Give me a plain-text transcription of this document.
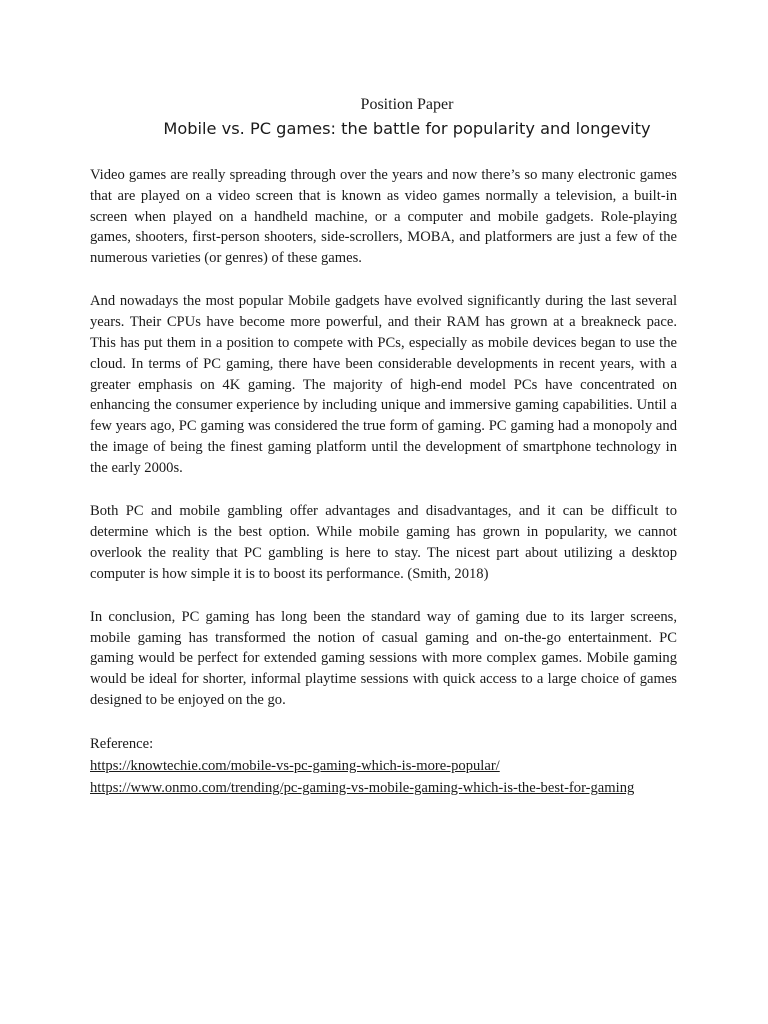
Position Paper
Mobile vs. PC games: the battle for popularity and longevity

Video games are really spreading through over the years and now there’s so many electronic games that are played on a video screen that is known as video games normally a television, a built-in screen when played on a handheld machine, or a computer and mobile gadgets. Role-playing games, shooters, first-person shooters, side-scrollers, MOBA, and platformers are just a few of the numerous varieties (or genres) of these games.

And nowadays the most popular Mobile gadgets have evolved significantly during the last several years. Their CPUs have become more powerful, and their RAM has grown at a breakneck pace. This has put them in a position to compete with PCs, especially as mobile devices began to use the cloud. In terms of PC gaming, there have been considerable developments in recent years, with a greater emphasis on 4K gaming. The majority of high-end model PCs have concentrated on enhancing the consumer experience by including unique and immersive gaming capabilities. Until a few years ago, PC gaming was considered the true form of gaming. PC gaming had a monopoly and the image of being the finest gaming platform until the development of smartphone technology in the early 2000s.

Both PC and mobile gambling offer advantages and disadvantages, and it can be difficult to determine which is the best option. While mobile gaming has grown in popularity, we cannot overlook the reality that PC gambling is here to stay. The nicest part about utilizing a desktop computer is how simple it is to boost its performance. (Smith, 2018)

In conclusion, PC gaming has long been the standard way of gaming due to its larger screens, mobile gaming has transformed the notion of casual gaming and on-the-go entertainment. PC gaming would be perfect for extended gaming sessions with more complex games. Mobile gaming would be ideal for shorter, informal playtime sessions with quick access to a large choice of games designed to be enjoyed on the go.

Reference:
https://knowtechie.com/mobile-vs-pc-gaming-which-is-more-popular/
https://www.onmo.com/trending/pc-gaming-vs-mobile-gaming-which-is-the-best-for-gaming
